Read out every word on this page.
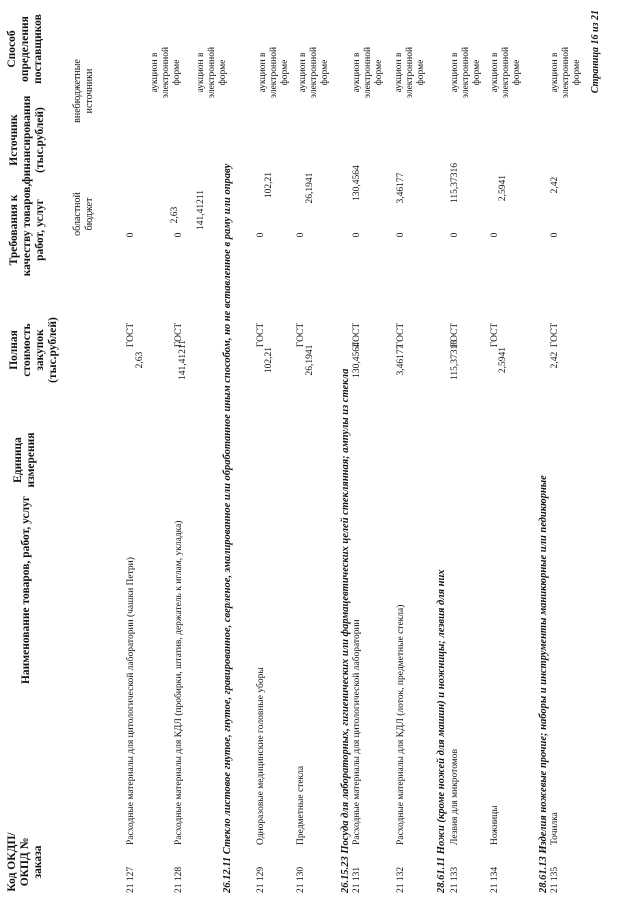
Код ОКДП/ ОКПД № заказа
Наименование товаров, работ, услуг
Единица измерения
Полная стоимость закупок (тыс.рублей)
Требования к качеству товаров, работ, услуг
Источник финансирования (тыс.рублей)
областной бюджет
внебюджетные источники
Способ определения поставщиков
21 127
Расходные материалы для цитологической лаборатории (чашки Петри)
2,63
ГОСТ
0
2,63
аукцион в электронной форме
21 128
Расходные материалы для КДЛ (пробирки, штатив, держатель к иглам, укладка)
141,41211
ГОСТ
0
141,41211
аукцион в электронной форме
26.12.11 Стекло листовое гнутое, гнутое, гравированное, сверленое, эмалированное или обработанное иным способом, но не вставленное в раму или оправу
21 129
Одноразовые медицинские головные уборы
102,21
ГОСТ
0
102,21
аукцион в электронной форме
21 130
Предметные стекла
26,1941
ГОСТ
0
26,1941
аукцион в электронной форме
26.15.23 Посуда для лабораторных, гигиенических или фармацевтических целей стеклянная; ампулы из стекла
21 131
Расходные материалы для цитологической лаборатории
130,4564
ГОСТ
0
130,4564
аукцион в электронной форме
21 132
Расходные материалы для КДЛ (лоток, предметные стекла)
3,46177
ГОСТ
0
3,46177
аукцион в электронной форме
28.61.11 Ножи (кроме ножей для машин) и ножницы; лезвия для них
21 133
Лезвия для микротомов
115,37316
ГОСТ
0
115,37316
аукцион в электронной форме
21 134
Ножницы
2,5941
ГОСТ
0
2,5941
аукцион в электронной форме
28.61.13 Изделия ножевые прочие; наборы и инструменты маникюрные или педикюрные
21 135
Точилка
2,42
ГОСТ
0
2,42
аукцион в электронной форме Страница 16 из 21
